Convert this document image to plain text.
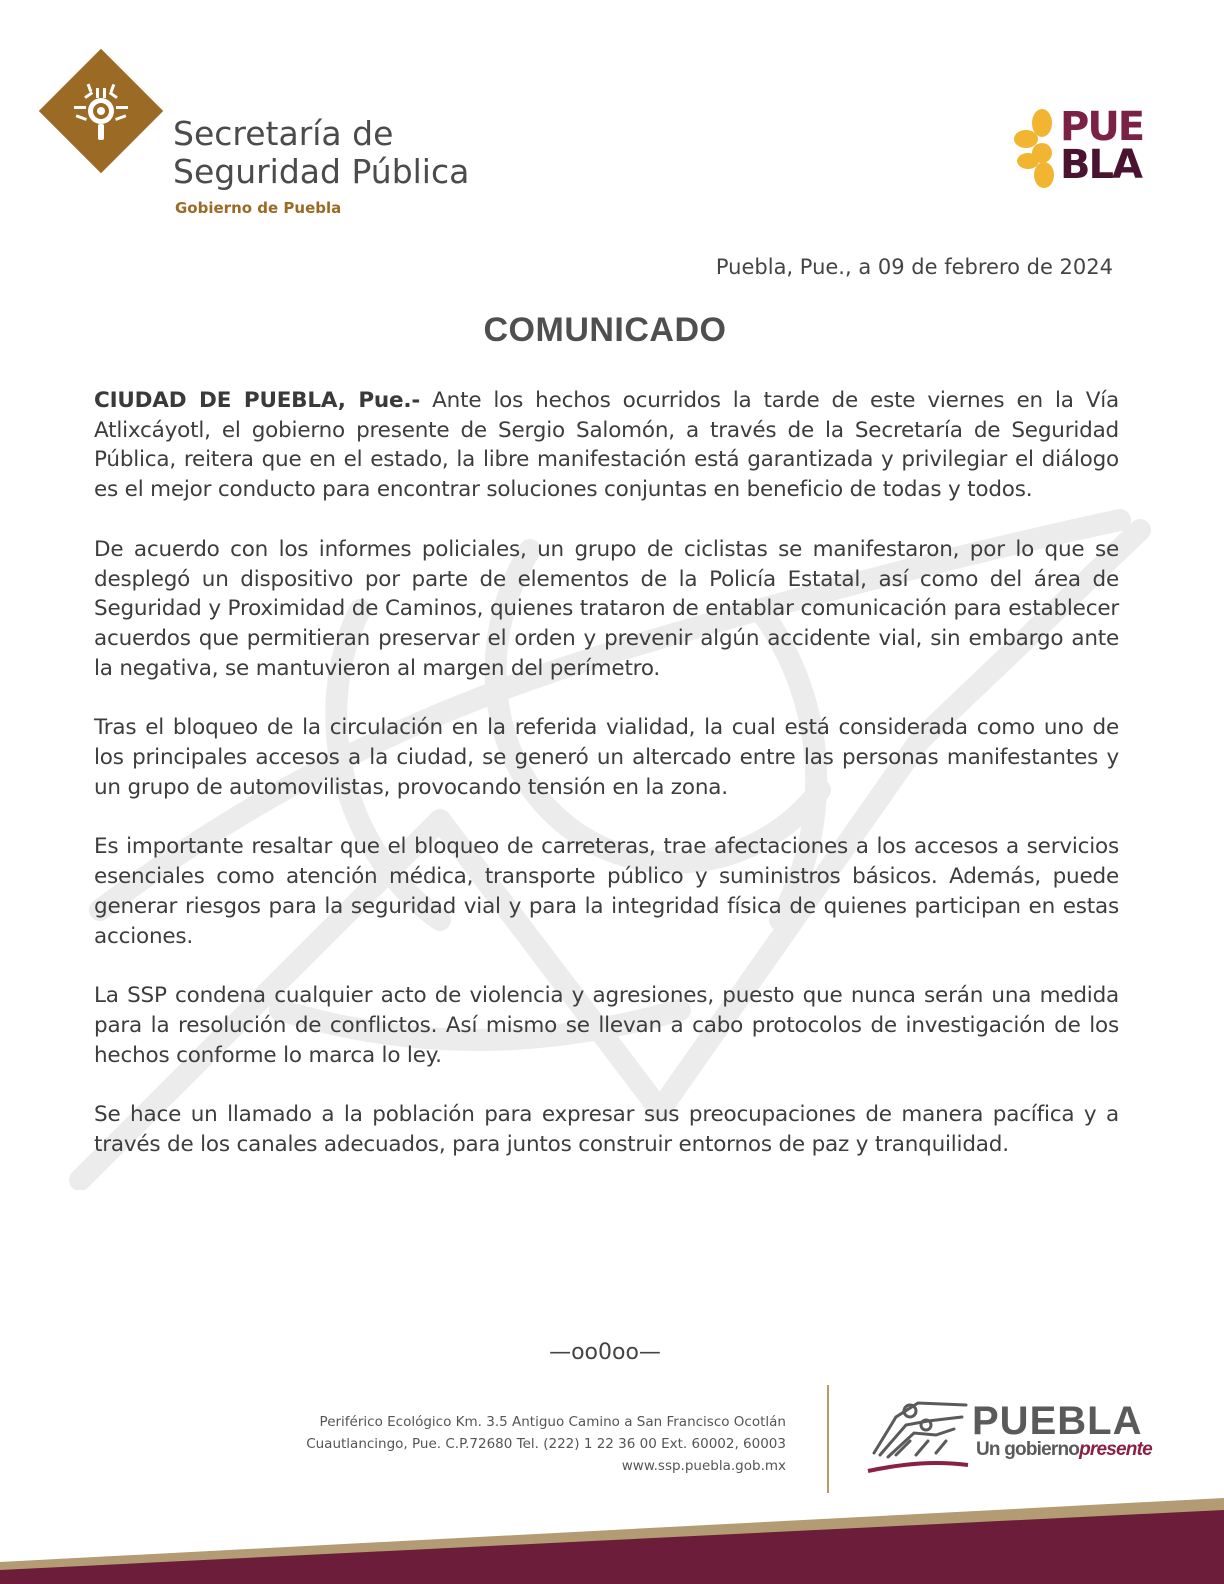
Secretaría de
Seguridad Pública
Gobierno de Puebla
PUE
BLA
Puebla, Pue., a 09 de febrero de 2024
COMUNICADO

CIUDAD DE PUEBLA, Pue.- Ante los hechos ocurridos la tarde de este viernes en la Vía Atlixcáyotl, el gobierno presente de Sergio Salomón, a través de la Secretaría de Seguridad Pública, reitera que en el estado, la libre manifestación está garantizada y privilegiar el diálogo es el mejor conducto para encontrar soluciones conjuntas en beneficio de todas y todos.

De acuerdo con los informes policiales, un grupo de ciclistas se manifestaron, por lo que se desplegó un dispositivo por parte de elementos de la Policía Estatal, así como del área de Seguridad y Proximidad de Caminos, quienes trataron de entablar comunicación para establecer acuerdos que permitieran preservar el orden y prevenir algún accidente vial, sin embargo ante la negativa, se mantuvieron al margen del perímetro.

Tras el bloqueo de la circulación en la referida vialidad, la cual está considerada como uno de los principales accesos a la ciudad, se generó un altercado entre las personas manifestantes y un grupo de automovilistas, provocando tensión en la zona.

Es importante resaltar que el bloqueo de carreteras, trae afectaciones a los accesos a servicios esenciales como atención médica, transporte público y suministros básicos. Además, puede generar riesgos para la seguridad vial y para la integridad física de quienes participan en estas acciones.

La SSP condena cualquier acto de violencia y agresiones, puesto que nunca serán una medida para la resolución de conflictos. Así mismo se llevan a cabo protocolos de investigación de los hechos conforme lo marca lo ley.

Se hace un llamado a la población para expresar sus preocupaciones de manera pacífica y a través de los canales adecuados, para juntos construir entornos de paz y tranquilidad.

—oo0oo—
Periférico Ecológico Km. 3.5 Antiguo Camino a San Francisco Ocotlán
Cuautlancingo, Pue. C.P.72680 Tel. (222) 1 22 36 00 Ext. 60002, 60003
www.ssp.puebla.gob.mx
PUEBLA
Un gobiernopresente
